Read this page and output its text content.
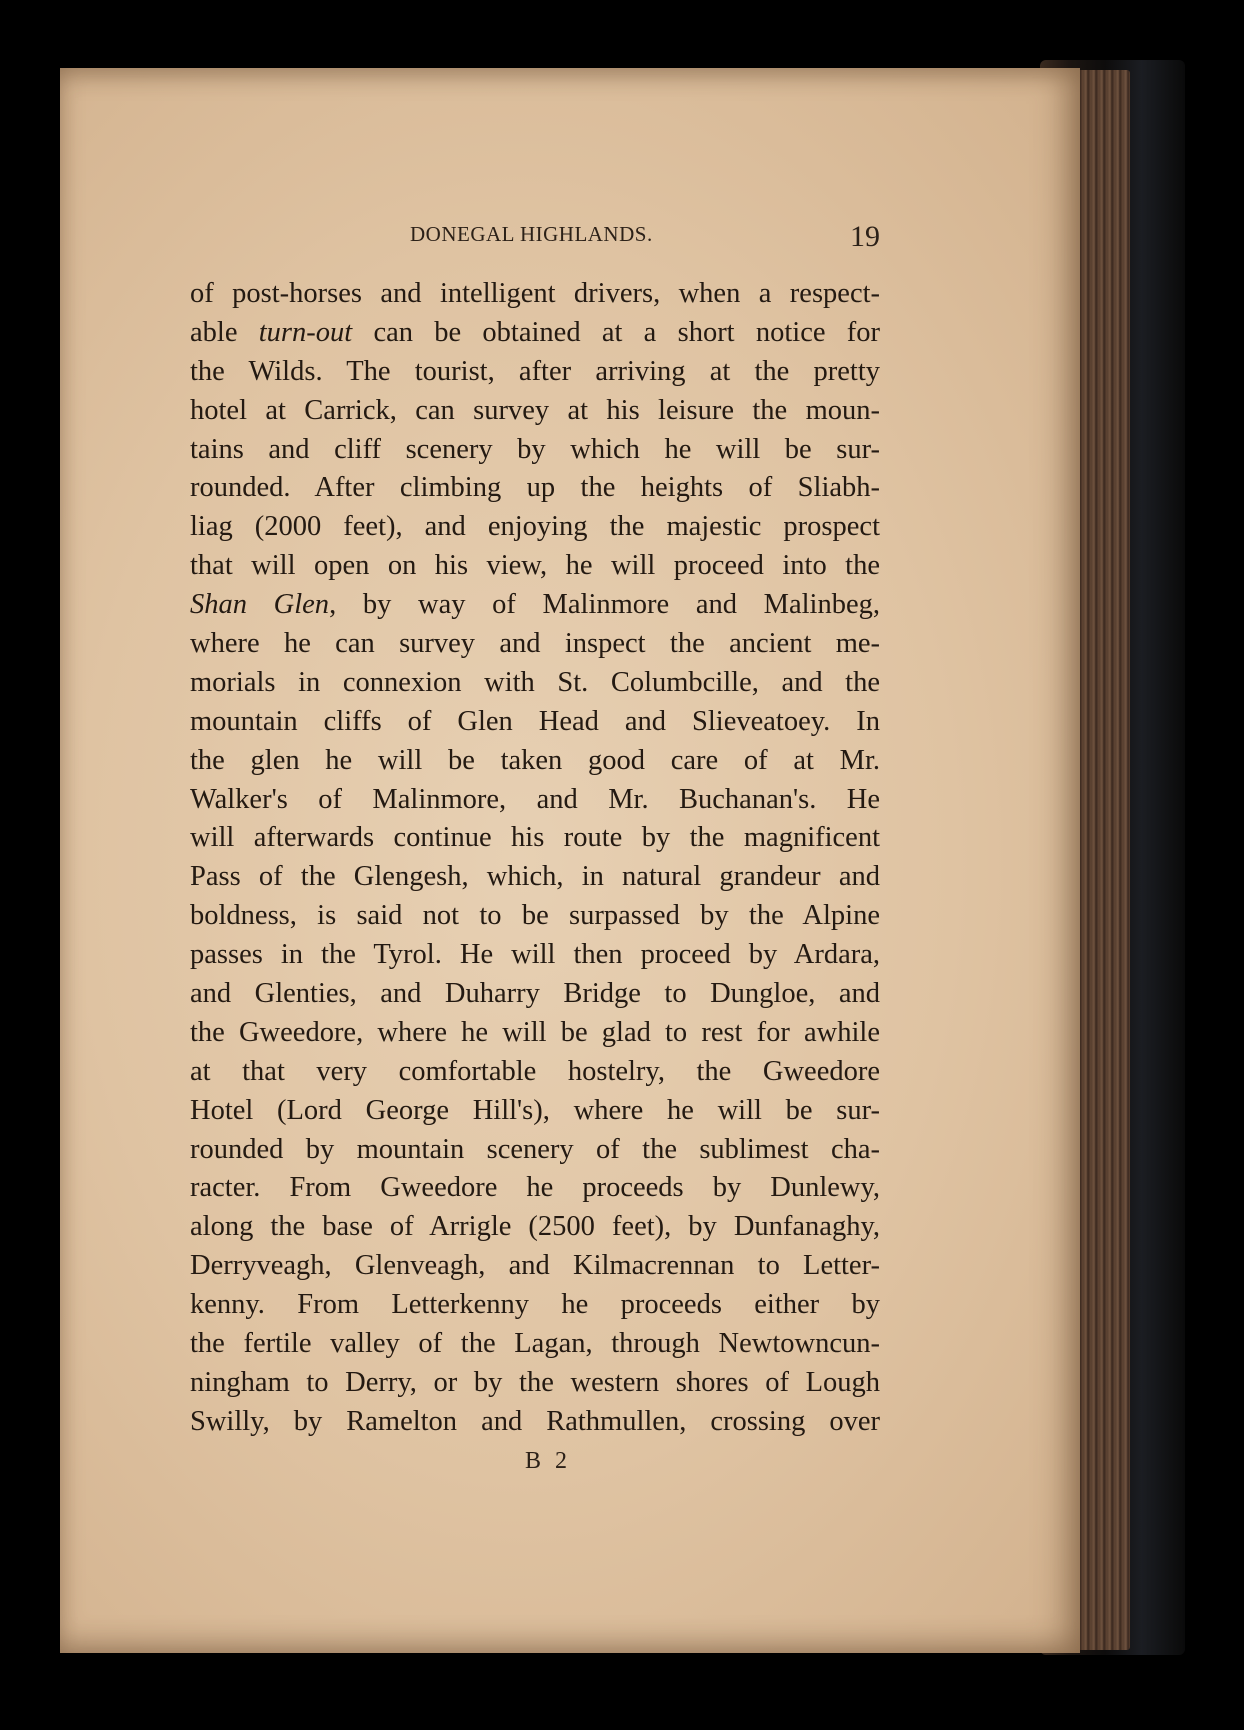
DONEGAL HIGHLANDS.	19
of post-horses and intelligent drivers, when a respect-
able turn-out can be obtained at a short notice for
the Wilds. The tourist, after arriving at the pretty
hotel at Carrick, can survey at his leisure the moun-
tains and cliff scenery by which he will be sur-
rounded. After climbing up the heights of Sliabh-
liag (2000 feet), and enjoying the majestic prospect
that will open on his view, he will proceed into the
Shan Glen, by way of Malinmore and Malinbeg,
where he can survey and inspect the ancient me-
morials in connexion with St. Columbcille, and the
mountain cliffs of Glen Head and Slieveatoey. In
the glen he will be taken good care of at Mr.
Walker's of Malinmore, and Mr. Buchanan's. He
will afterwards continue his route by the magnificent
Pass of the Glengesh, which, in natural grandeur and
boldness, is said not to be surpassed by the Alpine
passes in the Tyrol. He will then proceed by Ardara,
and Glenties, and Duharry Bridge to Dungloe, and
the Gweedore, where he will be glad to rest for awhile
at that very comfortable hostelry, the Gweedore
Hotel (Lord George Hill's), where he will be sur-
rounded by mountain scenery of the sublimest cha-
racter. From Gweedore he proceeds by Dunlewy,
along the base of Arrigle (2500 feet), by Dunfanaghy,
Derryveagh, Glenveagh, and Kilmacrennan to Letter-
kenny. From Letterkenny he proceeds either by
the fertile valley of the Lagan, through Newtowncun-
ningham to Derry, or by the western shores of Lough
Swilly, by Ramelton and Rathmullen, crossing over
B 2
